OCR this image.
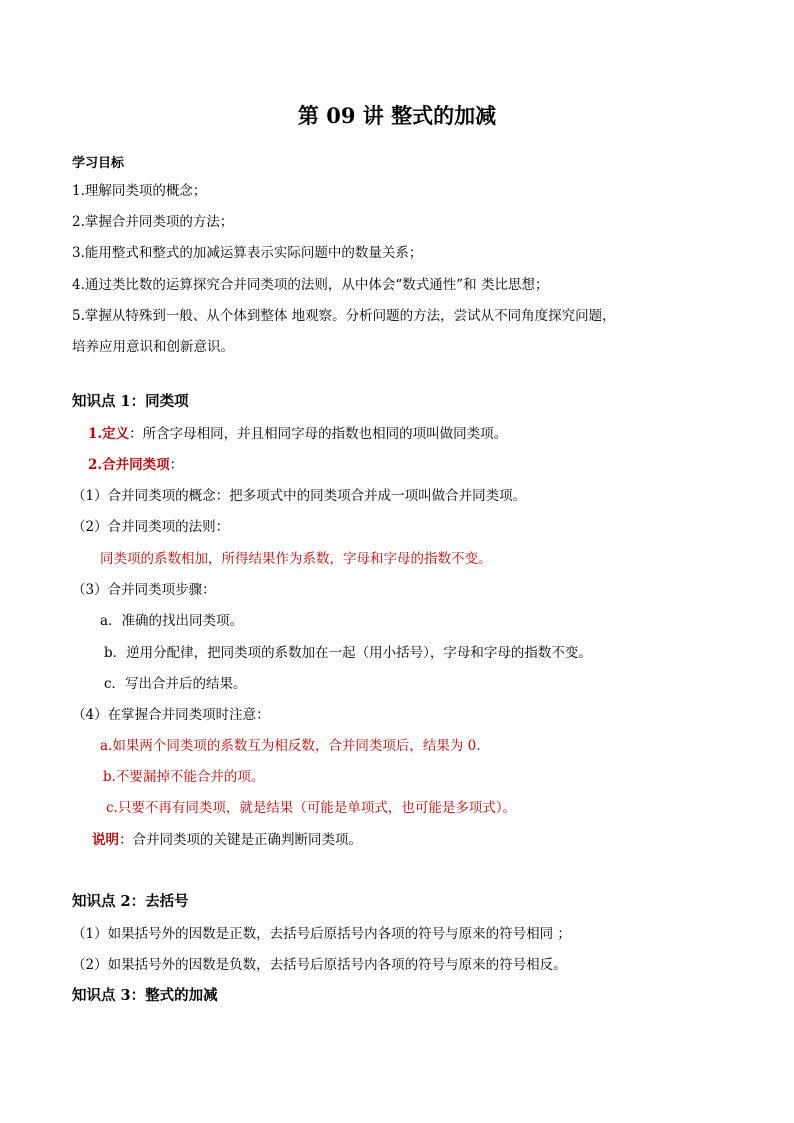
第 09 讲 整式的加减
学习目标
1.理解同类项的概念；
2.掌握合并同类项的方法；
3.能用整式和整式的加减运算表示实际问题中的数量关系；
4.通过类比数的运算探究合并同类项的法则，从中体会“数式通性”和 类比思想；
5.掌握从特殊到一般、从个体到整体 地观察。分析问题的方法，尝试从不同角度探究问题，
培养应用意识和创新意识。
知识点 1：同类项
1.定义：所含字母相同，并且相同字母的指数也相同的项叫做同类项。
2.合并同类项：
（1）合并同类项的概念：把多项式中的同类项合并成一项叫做合并同类项。
（2）合并同类项的法则：
同类项的系数相加，所得结果作为系数，字母和字母的指数不变。
（3）合并同类项步骤：
a．准确的找出同类项。
b．逆用分配律，把同类项的系数加在一起（用小括号），字母和字母的指数不变。
c．写出合并后的结果。
（4）在掌握合并同类项时注意：
a.如果两个同类项的系数互为相反数，合并同类项后，结果为 0.
b.不要漏掉不能合并的项。
c.只要不再有同类项，就是结果（可能是单项式，也可能是多项式）。
说明：合并同类项的关键是正确判断同类项。
知识点 2：去括号
（1）如果括号外的因数是正数，去括号后原括号内各项的符号与原来的符号相同 ；
（2）如果括号外的因数是负数，去括号后原括号内各项的符号与原来的符号相反。
知识点 3：整式的加减
